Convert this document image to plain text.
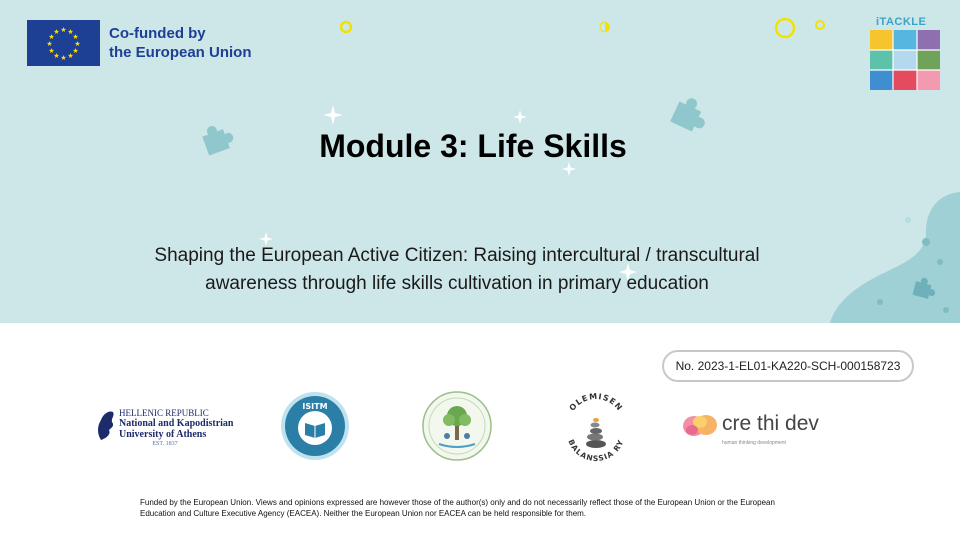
★ ★
★
★
★
★
★
★
★
★
★
★	Co-funded by
the European Union
iTACKLE
Module 3: Life Skills
Shaping the European Active Citizen: Raising intercultural / transcultural awareness through life skills cultivation in primary education
No. 2023-1-EL01-KA220-SCH-000158723
HELLENIC REPUBLIC
National and Kapodistrian
University of Athens
EST. 1837
ISITM	OLEMISEN
BALANSSIA RY
cre thi dev
human thinking development
Funded by the European Union. Views and opinions expressed are however those of the author(s) only and do not necessarily reflect those of the European Union or the European Education and Culture Executive Agency (EACEA). Neither the European Union nor EACEA can be held responsible for them.
